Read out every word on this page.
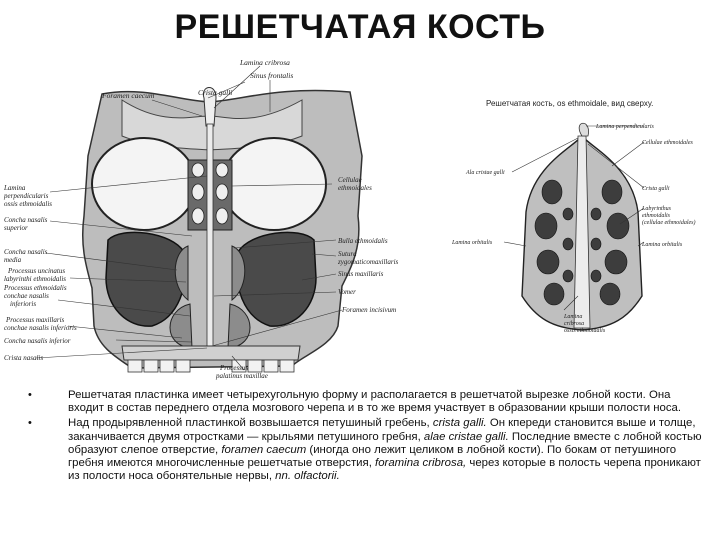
РЕШЕТЧАТАЯ КОСТЬ
Lamina cribrosa
Sinus frontalis
Foramen caecum	Crista galli
Lamina perpendicularis ossis ethmoidalis
Concha nasalis superior
Concha nasalis media
Processus uncinatus labyrinthi ethmoidalis
Processus ethmoidalis conchae nasalis inferioris
Processus maxillaris conchae nasalis inferioris
Concha nasalis inferior
Crista nasalis
Cellulae ethmoidales
Bulla ethmoidalis
Sutura zygomaticomaxillaris
Sinus maxillaris
Vomer
Foramen incisivum
Processus palatinus maxillae
Решетчатая кость, os ethmoidale, вид сверху.
Lamina perpendicularis
Cellulae ethmoidales
Ala cristae galli
Crista galli
Labyrinthus ethmoidalis (cellulae ethmoidales)
Lamina orbitalis
Lamina orbitalis
Lamina cribrosa ossis ethmoidalis
• Решетчатая пластинка имеет четырехугольную форму и располагается в решетчатой вырезке лобной кости. Она входит в состав переднего отдела мозгового черепа и в то же время участвует в образовании крыши полости носа.
• Над продырявленной пластинкой возвышается петушиный гребень, crista galli. Он кпереди становится выше и толще, заканчивается двумя отростками — крыльями петушиного гребня, alae cristae galli. Последние вместе с лобной костью образуют слепое отверстие, foramen caecum (иногда оно лежит целиком в лобной кости). По бокам от петушиного гребня имеются многочисленные решетчатые отверстия, foramina cribrosa, через которые в полость черепа проникают из полости носа обонятельные нервы, nn. olfactorii.
